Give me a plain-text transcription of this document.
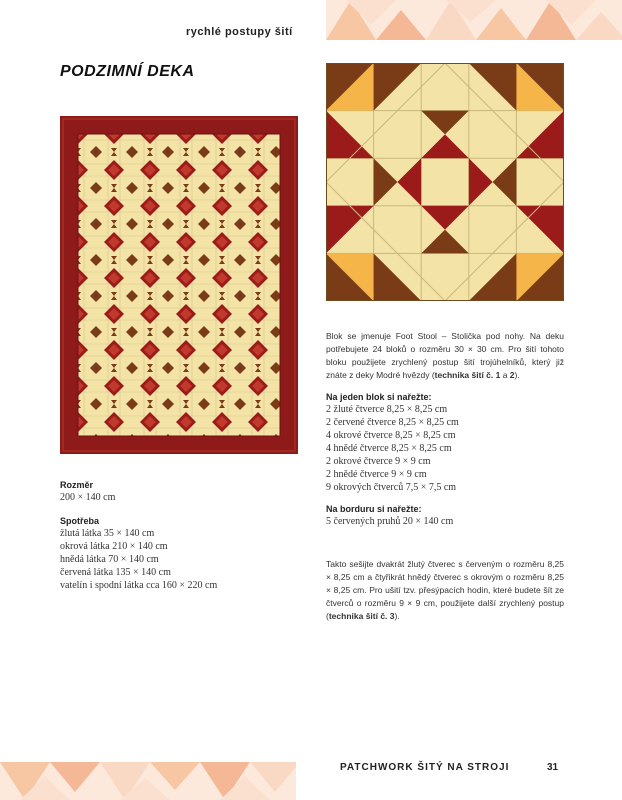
rychlé postupy šití
PODZIMNÍ DEKA

Blok se jmenuje Foot Stool – Stolička pod nohy. Na deku potřebujete 24 bloků o rozměru 30 × 30 cm. Pro šití tohoto bloku použijete zrychlený postup šití trojúhelníků, který již znáte z deky Modré hvězdy (technika šití č. 1 a 2).

Na jeden blok si nařežte:
2 žluté čtverce 8,25 × 8,25 cm
2 červené čtverce 8,25 × 8,25 cm
4 okrové čtverce 8,25 × 8,25 cm
4 hnědé čtverce 8,25 × 8,25 cm
2 okrové čtverce 9 × 9 cm
2 hnědé čtverce 9 × 9 cm
9 okrových čtverců 7,5 × 7,5 cm
Na borduru si nařežte:
5 červených pruhů 20 × 140 cm

Takto sešijte dvakrát žlutý čtverec s červeným o rozměru 8,25 × 8,25 cm a čtyřikrát hnědý čtverec s okrovým o rozměru 8,25 × 8,25 cm. Pro ušití tzv. přesýpacích hodin, které budete šít ze čtverců o rozměru 9 × 9 cm, použijete další zrychlený postup (technika šití č. 3).

Rozměr
200 × 140 cm
Spotřeba
žlutá látka 35 × 140 cm
okrová látka 210 × 140 cm
hnědá látka 70 × 140 cm
červená látka 135 × 140 cm
vatelín i spodní látka cca 160 × 220 cm
PATCHWORK ŠITÝ NA STROJI	31
